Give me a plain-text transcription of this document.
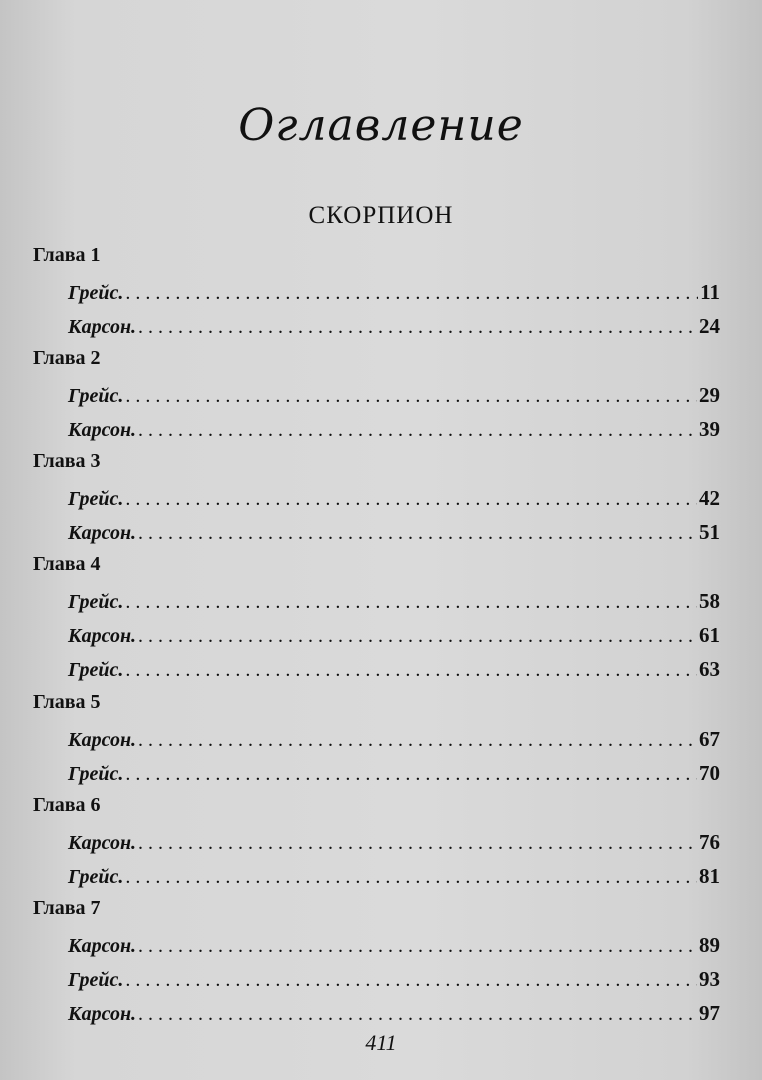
Оглавление
СКОРПИОН
Глава 1
Грейс. . . .	11
Карсон. . . .	24
Глава 2
Грейс. . . .	29
Карсон. . . .	39
Глава 3
Грейс. . . .	42
Карсон. . . .	51
Глава 4
Грейс. . . .	58
Карсон. . . .	61
Грейс. . . .	63
Глава 5
Карсон. . . .	67
Грейс. . . .	70
Глава 6
Карсон. . . .	76
Грейс. . . .	81
Глава 7
Карсон. . . .	89
Грейс. . . .	93
Карсон. . . .	97
411
